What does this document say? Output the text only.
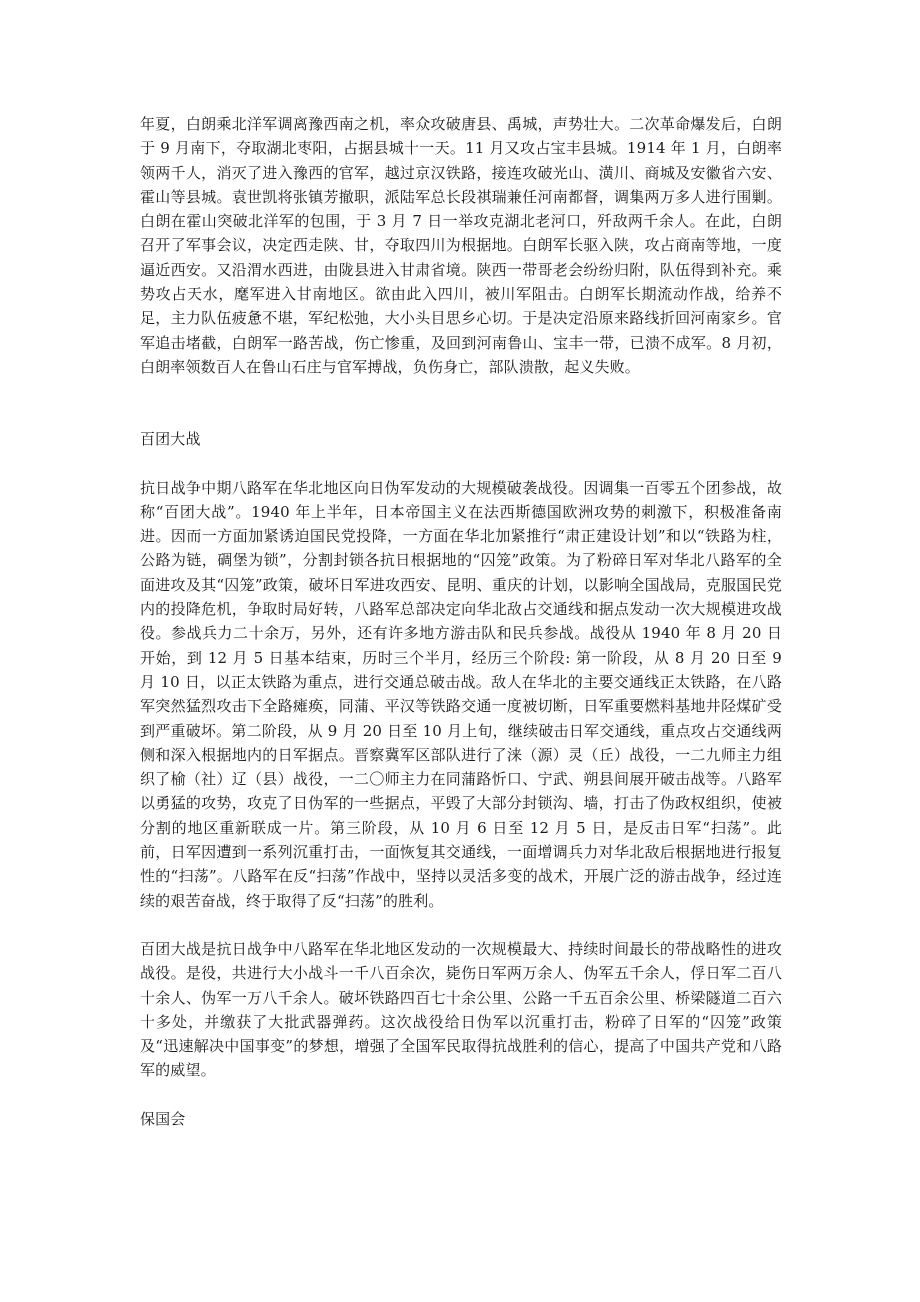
年夏，白朗乘北洋军调离豫西南之机，率众攻破唐县、禹城，声势壮大。二次革命爆发后，白朗于 9 月南下，夺取湖北枣阳，占据县城十一天。11 月又攻占宝丰县城。1914 年 1 月，白朗率领两千人，消灭了进入豫西的官军，越过京汉铁路，接连攻破光山、潢川、商城及安徽省六安、霍山等县城。袁世凯将张镇芳撤职，派陆军总长段祺瑞兼任河南都督，调集两万多人进行围剿。白朗在霍山突破北洋军的包围，于 3 月 7 日一举攻克湖北老河口，歼敌两千余人。在此，白朗召开了军事会议，决定西走陕、甘，夺取四川为根据地。白朗军长驱入陕，攻占商南等地，一度逼近西安。又沿渭水西进，由陇县进入甘肃省境。陕西一带哥老会纷纷归附，队伍得到补充。乘势攻占天水，麾军进入甘南地区。欲由此入四川，被川军阻击。白朗军长期流动作战，给养不足，主力队伍疲惫不堪，军纪松弛，大小头目思乡心切。于是决定沿原来路线折回河南家乡。官军追击堵截，白朗军一路苦战，伤亡惨重，及回到河南鲁山、宝丰一带，已溃不成军。8 月初，白朗率领数百人在鲁山石庄与官军搏战，负伤身亡，部队溃散，起义失败。

百团大战

抗日战争中期八路军在华北地区向日伪军发动的大规模破袭战役。因调集一百零五个团参战，故称“百团大战”。1940 年上半年，日本帝国主义在法西斯德国欧洲攻势的刺激下，积极准备南进。因而一方面加紧诱迫国民党投降，一方面在华北加紧推行“肃正建设计划”和以“铁路为柱，公路为链，碉堡为锁”，分割封锁各抗日根据地的“囚笼”政策。为了粉碎日军对华北八路军的全面进攻及其“囚笼”政策，破坏日军进攻西安、昆明、重庆的计划，以影响全国战局，克服国民党内的投降危机，争取时局好转，八路军总部决定向华北敌占交通线和据点发动一次大规模进攻战役。参战兵力二十余万，另外，还有许多地方游击队和民兵参战。战役从 1940 年 8 月 20 日开始，到 12 月 5 日基本结束，历时三个半月，经历三个阶段: 第一阶段，从 8 月 20 日至 9 月 10 日，以正太铁路为重点，进行交通总破击战。敌人在华北的主要交通线正太铁路，在八路军突然猛烈攻击下全路瘫痪，同蒲、平汉等铁路交通一度被切断，日军重要燃料基地井陉煤矿受到严重破坏。第二阶段，从 9 月 20 日至 10 月上旬，继续破击日军交通线，重点攻占交通线两侧和深入根据地内的日军据点。晋察冀军区部队进行了涞（源）灵（丘）战役，一二九师主力组织了榆（社）辽（县）战役，一二〇师主力在同蒲路忻口、宁武、朔县间展开破击战等。八路军以勇猛的攻势，攻克了日伪军的一些据点，平毁了大部分封锁沟、墙，打击了伪政权组织，使被分割的地区重新联成一片。第三阶段，从 10 月 6 日至 12 月 5 日，是反击日军“扫荡”。此前，日军因遭到一系列沉重打击，一面恢复其交通线，一面增调兵力对华北敌后根据地进行报复性的“扫荡”。八路军在反“扫荡”作战中，坚持以灵活多变的战术，开展广泛的游击战争，经过连续的艰苦奋战，终于取得了反“扫荡”的胜利。

百团大战是抗日战争中八路军在华北地区发动的一次规模最大、持续时间最长的带战略性的进攻战役。是役，共进行大小战斗一千八百余次，毙伤日军两万余人、伪军五千余人，俘日军二百八十余人、伪军一万八千余人。破坏铁路四百七十余公里、公路一千五百余公里、桥梁隧道二百六十多处，并缴获了大批武器弹药。这次战役给日伪军以沉重打击，粉碎了日军的“囚笼”政策及“迅速解决中国事变”的梦想，增强了全国军民取得抗战胜利的信心，提高了中国共产党和八路军的威望。

保国会
